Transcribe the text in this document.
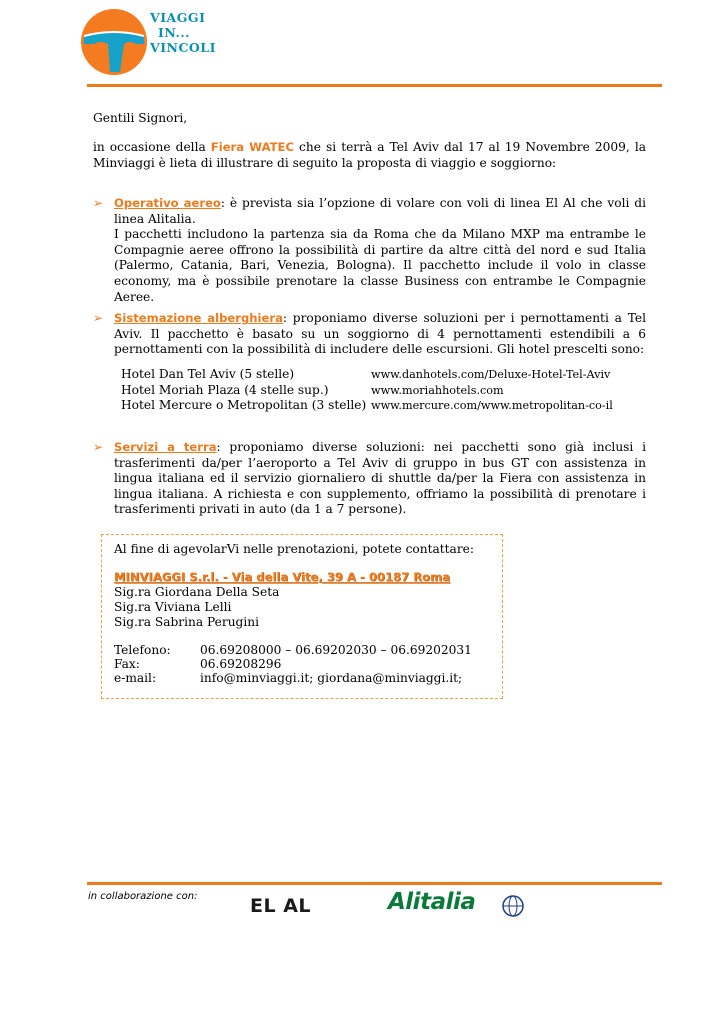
VIAGGI
IN...
VINCOLI
Gentili Signori,
in occasione della Fiera WATEC che si terrà a Tel Aviv dal 17 al 19 Novembre 2009, la Minviaggi è lieta di illustrare di seguito la proposta di viaggio e soggiorno:
➢ Operativo aereo: è prevista sia l’opzione di volare con voli di linea El Al che voli di linea Alitalia.
I pacchetti includono la partenza sia da Roma che da Milano MXP ma entrambe le Compagnie aeree offrono la possibilità di partire da altre città del nord e sud Italia (Palermo, Catania, Bari, Venezia, Bologna). Il pacchetto include il volo in classe economy, ma è possibile prenotare la classe Business con entrambe le Compagnie Aeree.
➢ Sistemazione alberghiera: proponiamo diverse soluzioni per i pernottamenti a Tel Aviv. Il pacchetto è basato su un soggiorno di 4 pernottamenti estendibili a 6 pernottamenti con la possibilità di includere delle escursioni. Gli hotel prescelti sono:
Hotel Dan Tel Aviv (5 stelle)	www.danhotels.com/Deluxe-Hotel-Tel-Aviv
Hotel Moriah Plaza (4 stelle sup.)	www.moriahhotels.com
Hotel Mercure o Metropolitan (3 stelle)	www.mercure.com/www.metropolitan-co-il
➢ Servizi a terra: proponiamo diverse soluzioni: nei pacchetti sono già inclusi i trasferimenti da/per l’aeroporto a Tel Aviv di gruppo in bus GT con assistenza in lingua italiana ed il servizio giornaliero di shuttle da/per la Fiera con assistenza in lingua italiana. A richiesta e con supplemento, offriamo la possibilità di prenotare i trasferimenti privati in auto (da 1 a 7 persone).
Al fine di agevolarVi nelle prenotazioni, potete contattare:
MINVIAGGI S.r.l. - Via della Vite, 39 A - 00187 Roma
Sig.ra Giordana Della Seta
Sig.ra Viviana Lelli
Sig.ra Sabrina Perugini
Telefono: 06.69208000 – 06.69202030 – 06.69202031
Fax:	06.69208296
e-mail:	info@minviaggi.it; giordana@minviaggi.it;
in collaborazione con:	EL AL	Alitalia
